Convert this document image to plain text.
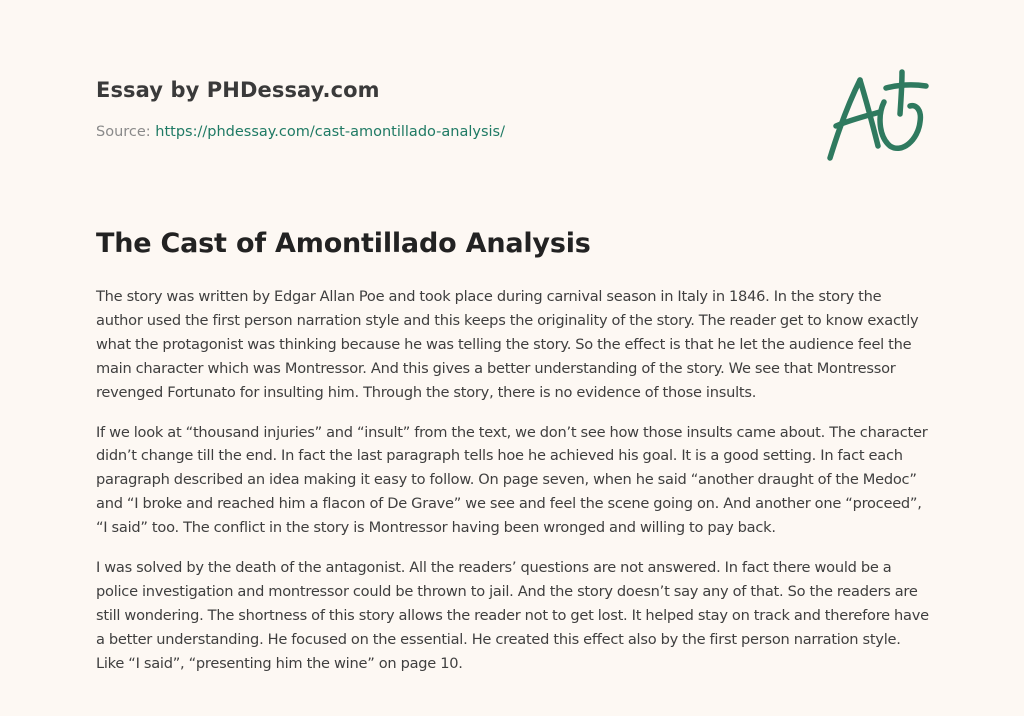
Essay by PHDessay.com
Source: https://phdessay.com/cast-amontillado-analysis/
The Cast of Amontillado Analysis

The story was written by Edgar Allan Poe and took place during carnival season in Italy in 1846. In the story the author used the first person narration style and this keeps the originality of the story. The reader get to know exactly what the protagonist was thinking because he was telling the story. So the effect is that he let the audience feel the main character which was Montressor. And this gives a better understanding of the story. We see that Montressor revenged Fortunato for insulting him. Through the story, there is no evidence of those insults.

If we look at “thousand injuries” and “insult” from the text, we don’t see how those insults came about. The character didn’t change till the end. In fact the last paragraph tells hoe he achieved his goal. It is a good setting. In fact each paragraph described an idea making it easy to follow. On page seven, when he said “another draught of the Medoc” and “I broke and reached him a flacon of De Grave” we see and feel the scene going on. And another one “proceed”, “I said” too. The conflict in the story is Montressor having been wronged and willing to pay back.

I was solved by the death of the antagonist. All the readers’ questions are not answered. In fact there would be a police investigation and montressor could be thrown to jail. And the story doesn’t say any of that. So the readers are still wondering. The shortness of this story allows the reader not to get lost. It helped stay on track and therefore have a better understanding. He focused on the essential. He created this effect also by the first person narration style. Like “I said”, “presenting him the wine” on page 10.
